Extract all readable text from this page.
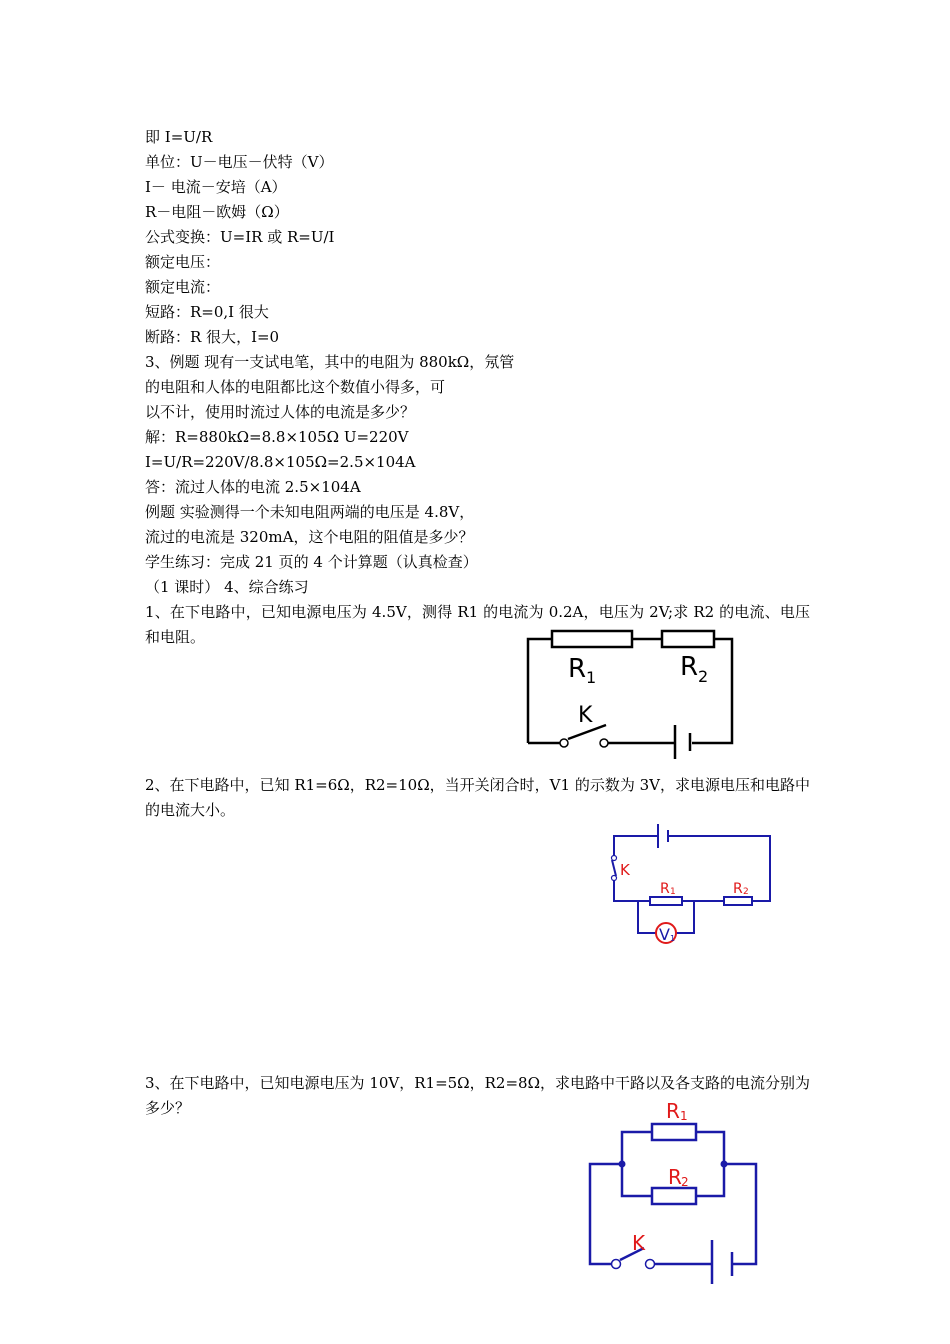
即 I=U/R
单位：U－电压－伏特（V）
I－ 电流－安培（A）
R－电阻－欧姆（Ω）
公式变换：U=IR 或 R=U/I
额定电压：
额定电流：
短路：R=0,I 很大
断路：R 很大，I=0
3、例题 现有一支试电笔，其中的电阻为 880kΩ，氖管
的电阻和人体的电阻都比这个数值小得多，可
以不计，使用时流过人体的电流是多少？
解：R=880kΩ=8.8×105Ω U=220V
I=U/R=220V/8.8×105Ω=2.5×104A
答：流过人体的电流 2.5×104A
例题 实验测得一个未知电阻两端的电压是 4.8V，
流过的电流是 320mA，这个电阻的阻值是多少？
学生练习：完成 21 页的 4 个计算题（认真检查）
（1 课时） 4、综合练习
1、在下电路中，已知电源电压为 4.5V，测得 R1 的电流为 0.2A，电压为 2V;求 R2 的电流、电压和电阻。
R 1	R 2
K
2、在下电路中，已知 R1=6Ω，R2=10Ω，当开关闭合时，V1 的示数为 3V，求电源电压和电路中的电流大小。
V 1
K
R 1	R 2
3、在下电路中，已知电源电压为 10V，R1=5Ω，R2=8Ω，求电路中干路以及各支路的电流分别为多少？	R 1
R 2
K
